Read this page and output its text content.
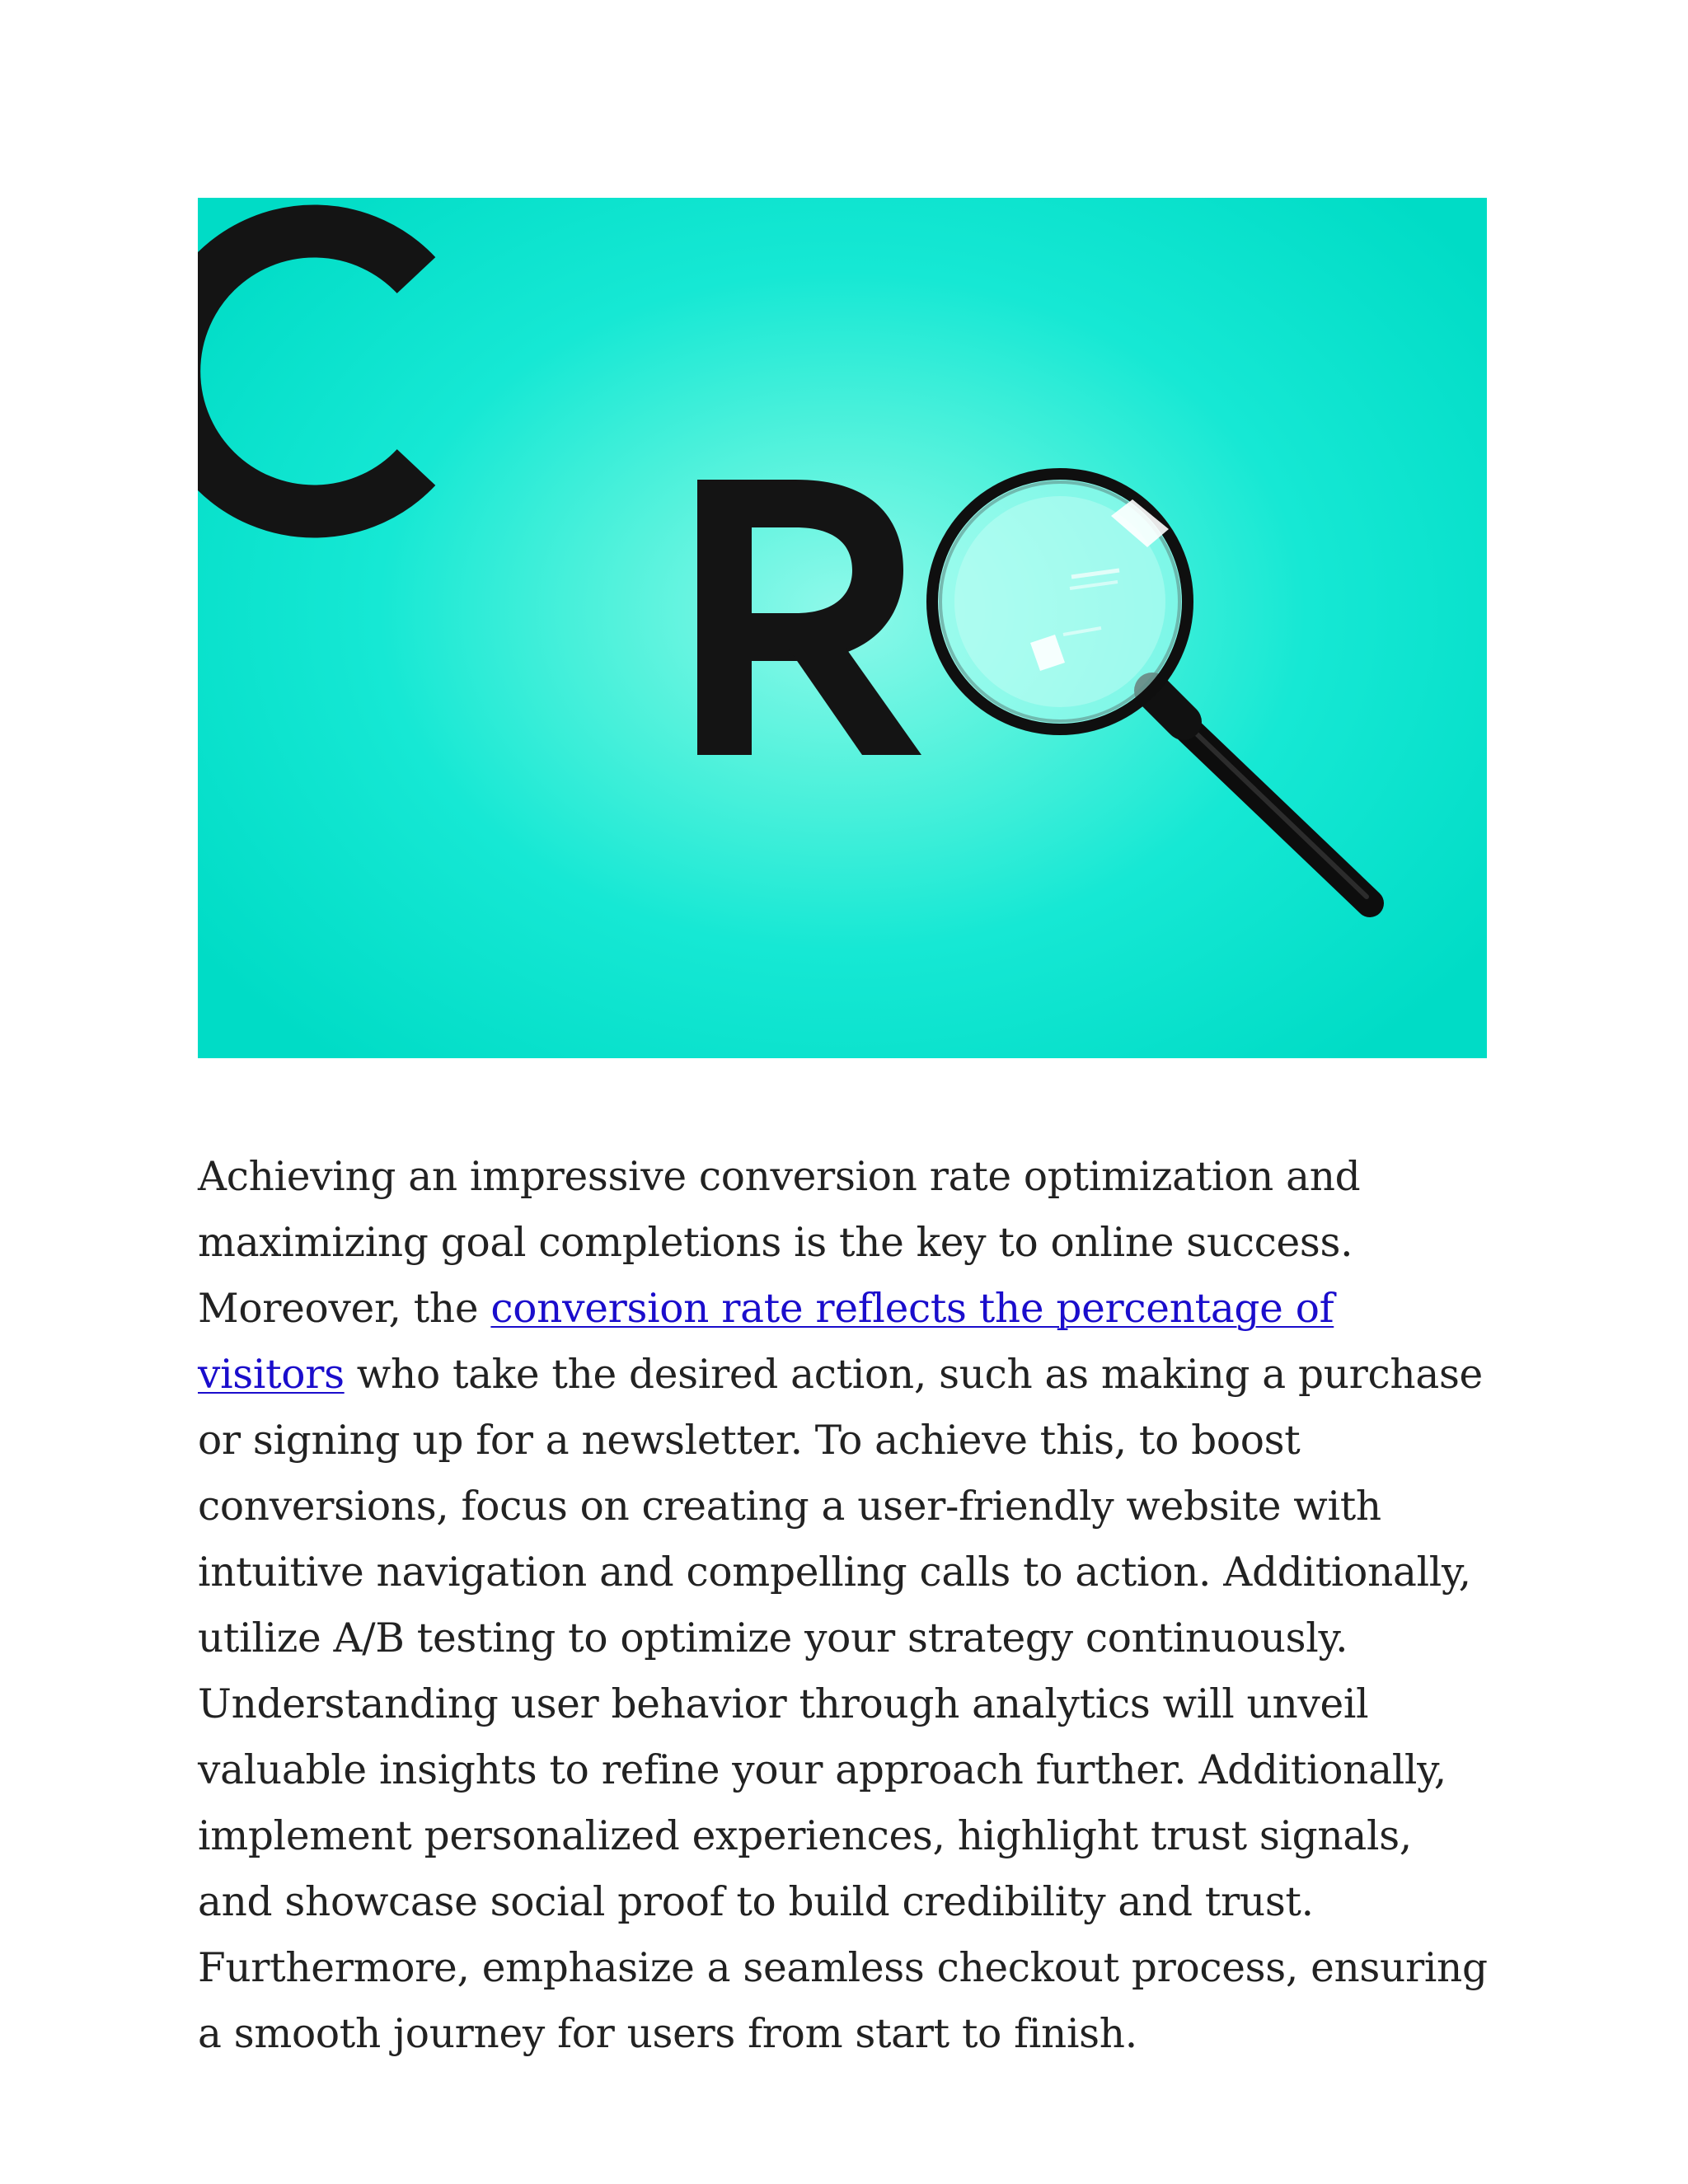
Achieving an impressive conversion rate optimization and maximizing goal completions is the key to online success. Moreover, the conversion rate reflects the percentage of visitors who take the desired action, such as making a purchase or signing up for a newsletter. To achieve this, to boost conversions, focus on creating a user-friendly website with intuitive navigation and compelling calls to action. Additionally, utilize A/B testing to optimize your strategy continuously. Understanding user behavior through analytics will unveil valuable insights to refine your approach further. Additionally, implement personalized experiences, highlight trust signals, and showcase social proof to build credibility and trust. Furthermore, emphasize a seamless checkout process, ensuring a smooth journey for users from start to finish.
